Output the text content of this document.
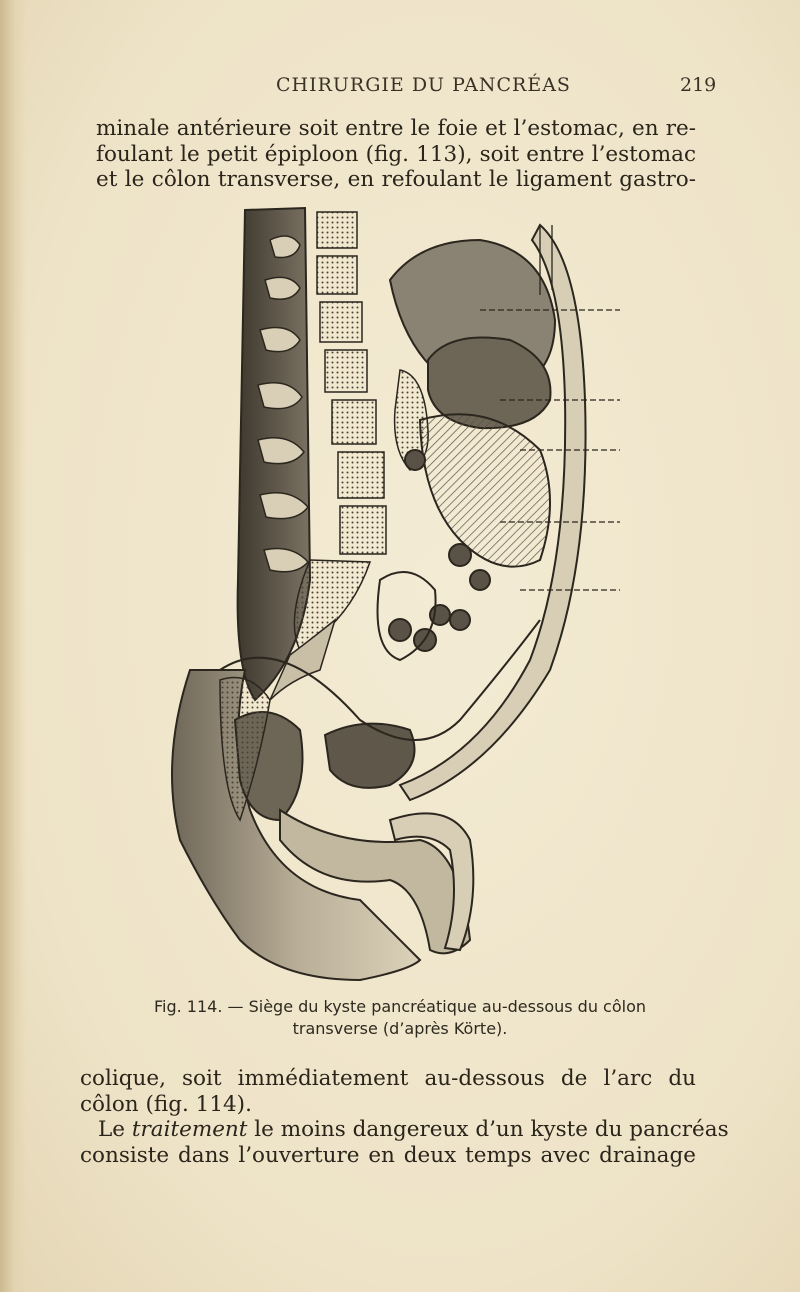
CHIRURGIE DU PANCRÉAS	219
minale antérieure soit entre le foie et l’estomac, en re-
foulant le petit épiploon (fig. 113), soit entre l’estomac
et le côlon transverse, en refoulant le ligament gastro-
Fig. 114. — Siège du kyste pancréatique au-dessous du côlon
transverse (d’après Körte).
colique, soit immédiatement au-dessous de l’arc du
côlon (fig. 114).
Le traitement le moins dangereux d’un kyste du pancréas
consiste dans l’ouverture en deux temps avec drainage
